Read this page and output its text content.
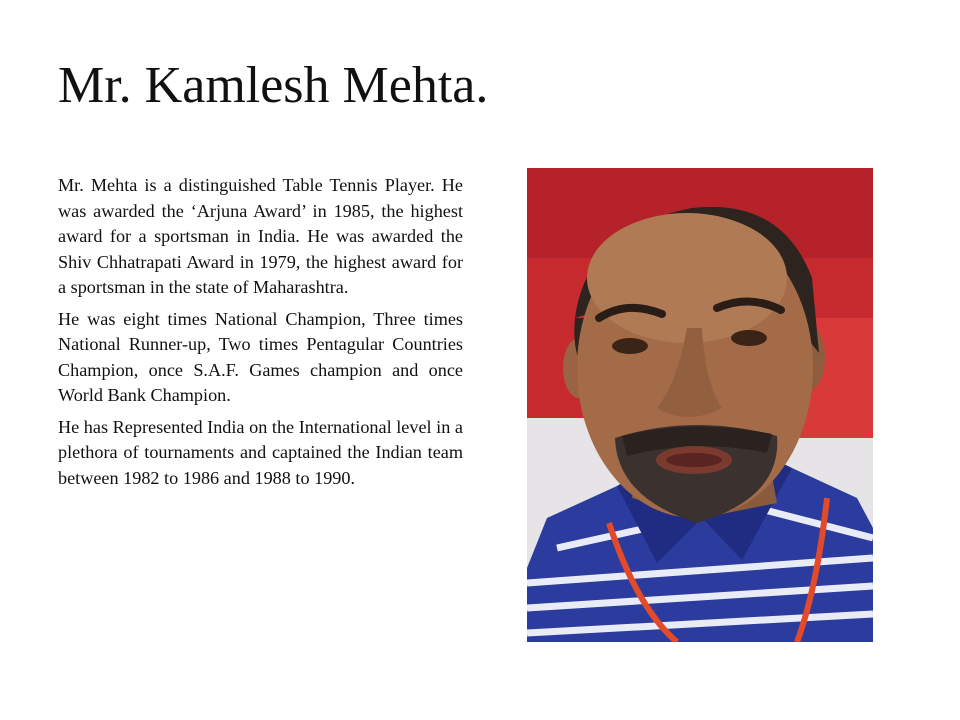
Mr. Kamlesh Mehta.

Mr. Mehta is a distinguished Table Tennis Player. He was awarded the ‘Arjuna Award’ in 1985, the highest award for a sportsman in India. He was awarded the Shiv Chhatrapati Award in 1979, the highest award for a sportsman in the state of Maharashtra.

He was eight times National Champion, Three times National Runner-up, Two times Pentagular Countries Champion, once S.A.F. Games champion and once World Bank Champion.

He has Represented India on the International level in a plethora of tournaments and captained the Indian team between 1982 to 1986 and 1988 to 1990.
